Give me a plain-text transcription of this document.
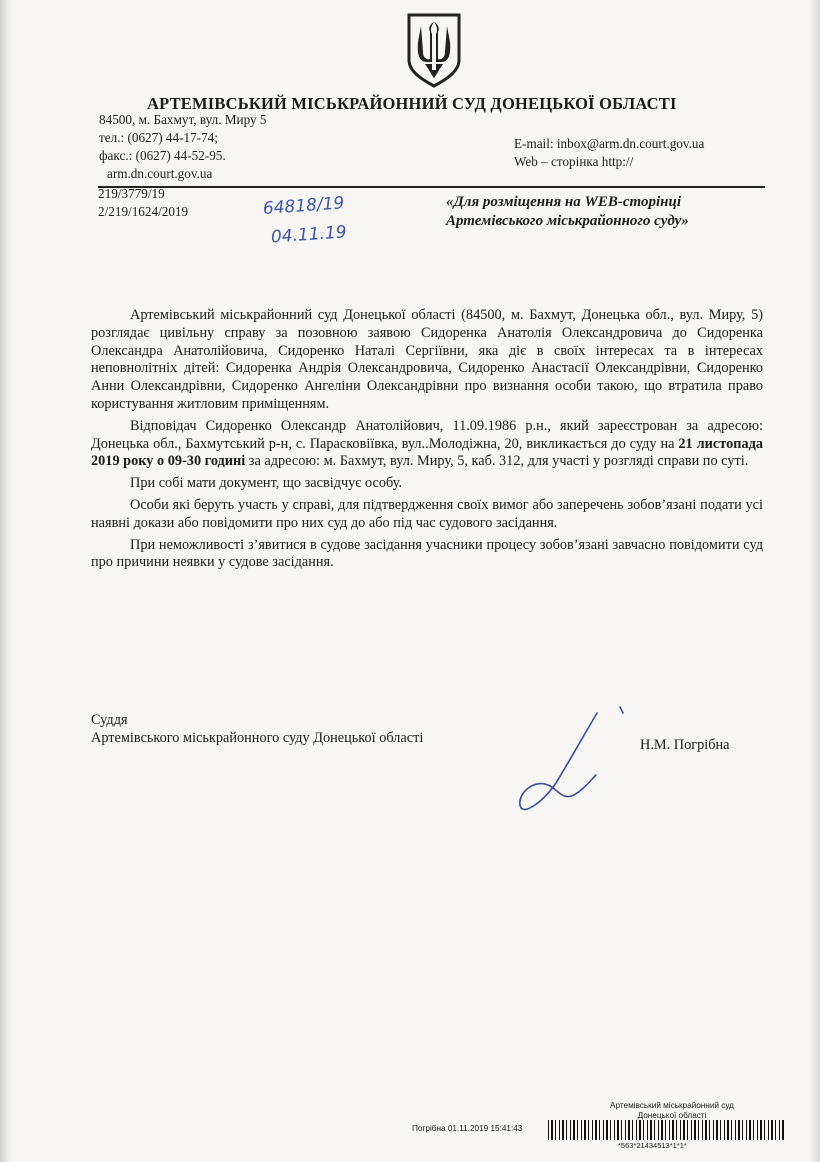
АРТЕМІВСЬКИЙ МІСЬКРАЙОННИЙ СУД ДОНЕЦЬКОЇ ОБЛАСТІ
84500, м. Бахмут, вул. Миру 5
тел.: (0627) 44-17-74;
факс.: (0627) 44-52-95.
arm.dn.court.gov.ua
E-mail: inbox@arm.dn.court.gov.ua
Web – сторінка http://
219/3779/19
2/219/1624/2019	64818/19
04.11.19
«Для розміщення на WEB-сторінці
Артемівського міськрайонного суду»

Артемівський міськрайонний суд Донецької області (84500, м. Бахмут, Донецька обл., вул. Миру, 5) розглядає цивільну справу за позовною заявою Сидоренка Анатолія Олександровича до Сидоренка Олександра Анатолійовича, Сидоренко Наталі Сергіївни, яка діє в своїх інтересах та в інтересах неповнолітніх дітей: Сидоренка Андрія Олександровича, Сидоренко Анастасії Олександрівни, Сидоренко Анни Олександрівни, Сидоренко Ангеліни Олександрівни про визнання особи такою, що втратила право користування житловим приміщенням.

Відповідач Сидоренко Олександр Анатолійович, 11.09.1986 р.н., який зареєстрован за адресою: Донецька обл., Бахмутський р-н, с. Парасковіївка, вул..Молодіжна, 20, викликається до суду на 21 листопада 2019 року о 09-30 годині за адресою: м. Бахмут, вул. Миру, 5, каб. 312, для участі у розгляді справи по суті.

При собі мати документ, що засвідчує особу.

Особи які беруть участь у справі, для підтвердження своїх вимог або заперечень зобов’язані подати усі наявні докази або повідомити про них суд до або під час судового засідання.

При неможливості з’явитися в судове засідання учасники процесу зобов’язані завчасно повідомити суд про причини неявки у судове засідання.

Суддя
Артемівського міськрайонного суду Донецької області	Н.М. Погрібна
Артемівський міськрайонний суд
Донецької області
Погрібна 01.11.2019 15:41:43
*563*21434513*1*1*
